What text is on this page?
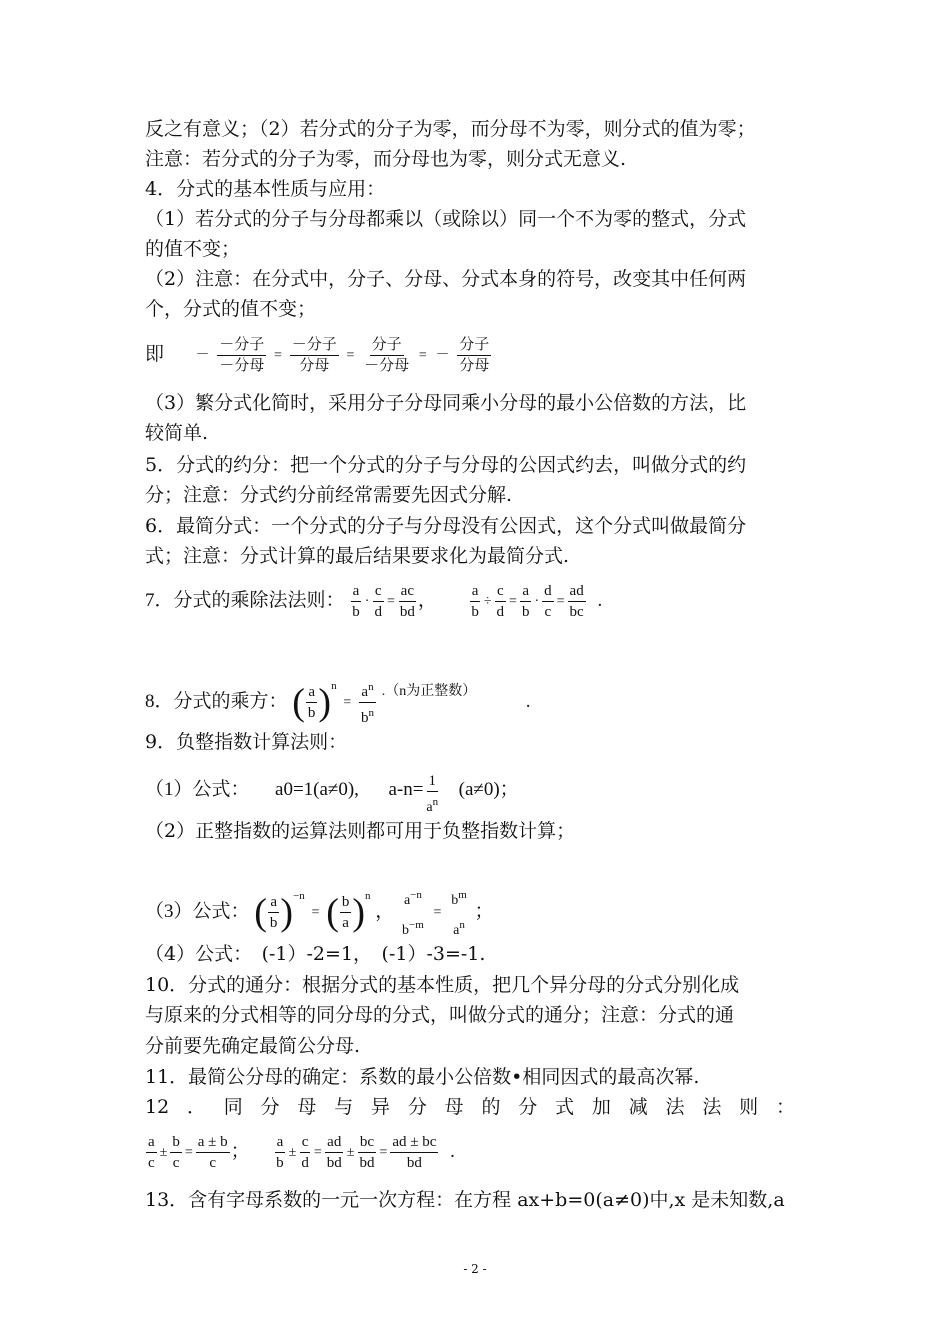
反之有意义；（2）若分式的分子为零，而分母不为零，则分式的值为零；
注意：若分式的分子为零，而分母也为零，则分式无意义.
4．分式的基本性质与应用：
（1）若分式的分子与分母都乘以（或除以）同一个不为零的整式，分式
的值不变；
（2）注意：在分式中，分子、分母、分式本身的符号，改变其中任何两
个，分式的值不变；
即 － $\frac{\text{－分子}}{\text{－分母}} = \frac{\text{－分子}}{\text{分母}} = \frac{\text{分子}}{\text{－分母}}$ = － $\frac{\text{分子}}{\text{分母}}$
（3）繁分式化简时，采用分子分母同乘小分母的最小公倍数的方法，比
较简单.
5．分式的约分：把一个分式的分子与分母的公因式约去，叫做分式的约
分；注意：分式约分前经常需要先因式分解.
6．最简分式：一个分式的分子与分母没有公因式，这个分式叫做最简分
式；注意：分式计算的最后结果要求化为最简分式.
7．分式的乘除法法则： $\frac{a}{b} \cdot \frac{c}{d} = \frac{ac}{bd}$ ， $\frac{a}{b} \div \frac{c}{d} = \frac{a}{b} \cdot \frac{d}{c} = \frac{ad}{bc}$ .
8．分式的乘方： ( $\frac{a}{b} )^n = \frac{a^n}{b^n} ^{.(n为正整数)}$	.
9．负整指数计算法则：
（1）公式： a0=1(a≠0), $a-n= \frac{1}{a^n} (a\ne 0)$；
（2）正整指数的运算法则都可用于负整指数计算；
（3）公式： ( $\frac{a}{b} )^{-n}$ = ( $\frac{b}{a} )^n$ ，
$a^{-n}$
$b^{-m}$
=
$b^m$
$a^n$
；
（4）公式：　(-1）-2=1，　(-1）-3=-1.
10．分式的通分：根据分式的基本性质，把几个异分母的分式分别化成
与原来的分式相等的同分母的分式，叫做分式的通分；注意：分式的通
分前要先确定最简公分母.
11．最简公分母的确定：系数的最小公倍数•相同因式的最高次幂.
12 ． 同 分 母 与 异 分 母 的 分 式 加 减 法 法 则 ：
$\frac{a}{c} \pm \frac{b}{c} = \frac{a \pm b}{c}$ ； $\frac{a}{b} \pm \frac{c}{d} = \frac{ad}{bd} \pm \frac{bc}{bd} = \frac{ad \pm bc}{bd}$ .
13．含有字母系数的一元一次方程：在方程 ax+b=0(a≠0)中,x 是未知数,a
- 2 -
